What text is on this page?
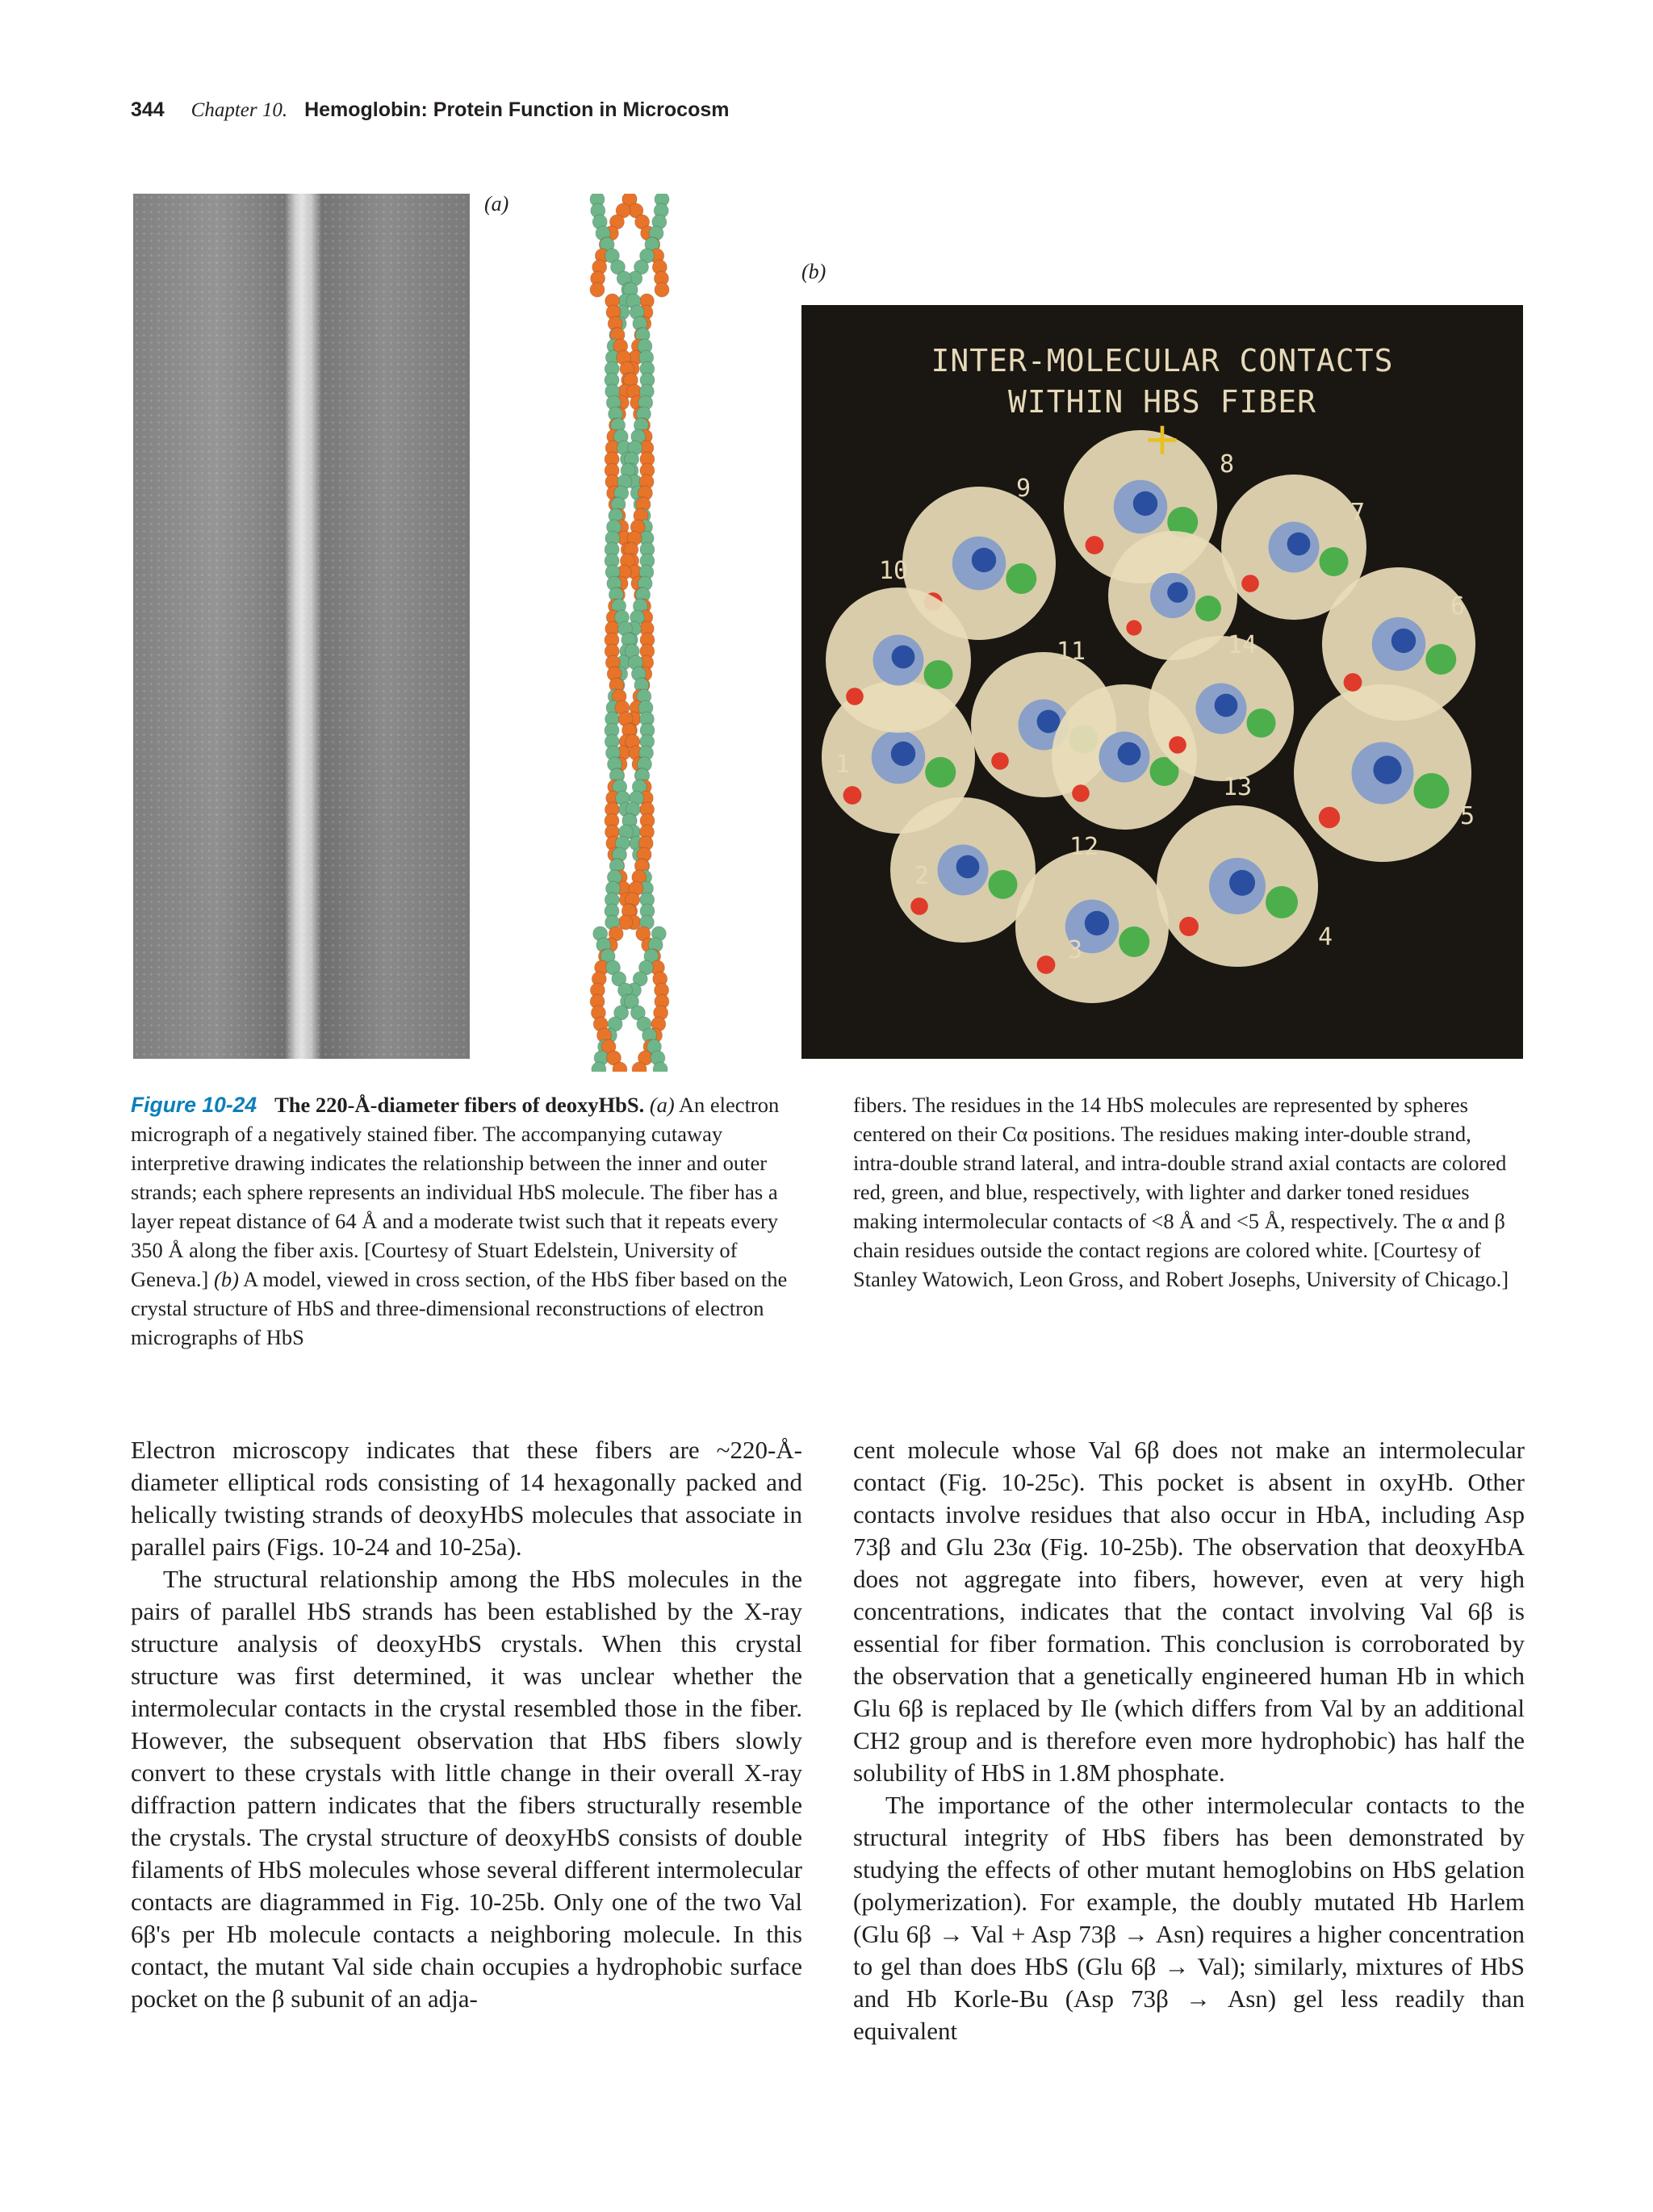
344 Chapter 10. Hemoglobin: Protein Function in Microcosm
(a)
(b)
INTER-MOLECULAR CONTACTS
WITHIN HBS FIBER
+
1
2
3	4
5
6
7
8
9
10
11
12
13
14
Figure 10-24 The 220-Å-diameter fibers of deoxyHbS. (a) An electron micrograph of a negatively stained fiber. The accompanying cutaway interpretive drawing indicates the relationship between the inner and outer strands; each sphere represents an individual HbS molecule. The fiber has a layer repeat distance of 64 Å and a moderate twist such that it repeats every 350 Å along the fiber axis. [Courtesy of Stuart Edelstein, University of Geneva.] (b) A model, viewed in cross section, of the HbS fiber based on the crystal structure of HbS and three-dimensional reconstructions of electron micrographs of HbS
fibers. The residues in the 14 HbS molecules are represented by spheres centered on their Cα positions. The residues making inter-double strand, intra-double strand lateral, and intra-double strand axial contacts are colored red, green, and blue, respectively, with lighter and darker toned residues making intermolecular contacts of <8 Å and <5 Å, respectively. The α and β chain residues outside the contact regions are colored white. [Courtesy of Stanley Watowich, Leon Gross, and Robert Josephs, University of Chicago.]

Electron microscopy indicates that these fibers are ~220-Å-diameter elliptical rods consisting of 14 hexagonally packed and helically twisting strands of deoxyHbS molecules that associate in parallel pairs (Figs. 10-24 and 10-25a).

The structural relationship among the HbS molecules in the pairs of parallel HbS strands has been established by the X-ray structure analysis of deoxyHbS crystals. When this crystal structure was first determined, it was unclear whether the intermolecular contacts in the crystal resembled those in the fiber. However, the subsequent observation that HbS fibers slowly convert to these crystals with little change in their overall X-ray diffraction pattern indicates that the fibers structurally resemble the crystals. The crystal structure of deoxyHbS consists of double filaments of HbS molecules whose several different intermolecular contacts are diagrammed in Fig. 10-25b. Only one of the two Val 6β's per Hb molecule contacts a neighboring molecule. In this contact, the mutant Val side chain occupies a hydrophobic surface pocket on the β subunit of an adja-

cent molecule whose Val 6β does not make an intermolecular contact (Fig. 10-25c). This pocket is absent in oxyHb. Other contacts involve residues that also occur in HbA, including Asp 73β and Glu 23α (Fig. 10-25b). The observation that deoxyHbA does not aggregate into fibers, however, even at very high concentrations, indicates that the contact involving Val 6β is essential for fiber formation. This conclusion is corroborated by the observation that a genetically engineered human Hb in which Glu 6β is replaced by Ile (which differs from Val by an additional CH2 group and is therefore even more hydrophobic) has half the solubility of HbS in 1.8M phosphate.

The importance of the other intermolecular contacts to the structural integrity of HbS fibers has been demonstrated by studying the effects of other mutant hemoglobins on HbS gelation (polymerization). For example, the doubly mutated Hb Harlem (Glu 6β → Val + Asp 73β → Asn) requires a higher concentration to gel than does HbS (Glu 6β → Val); similarly, mixtures of HbS and Hb Korle-Bu (Asp 73β → Asn) gel less readily than equivalent
